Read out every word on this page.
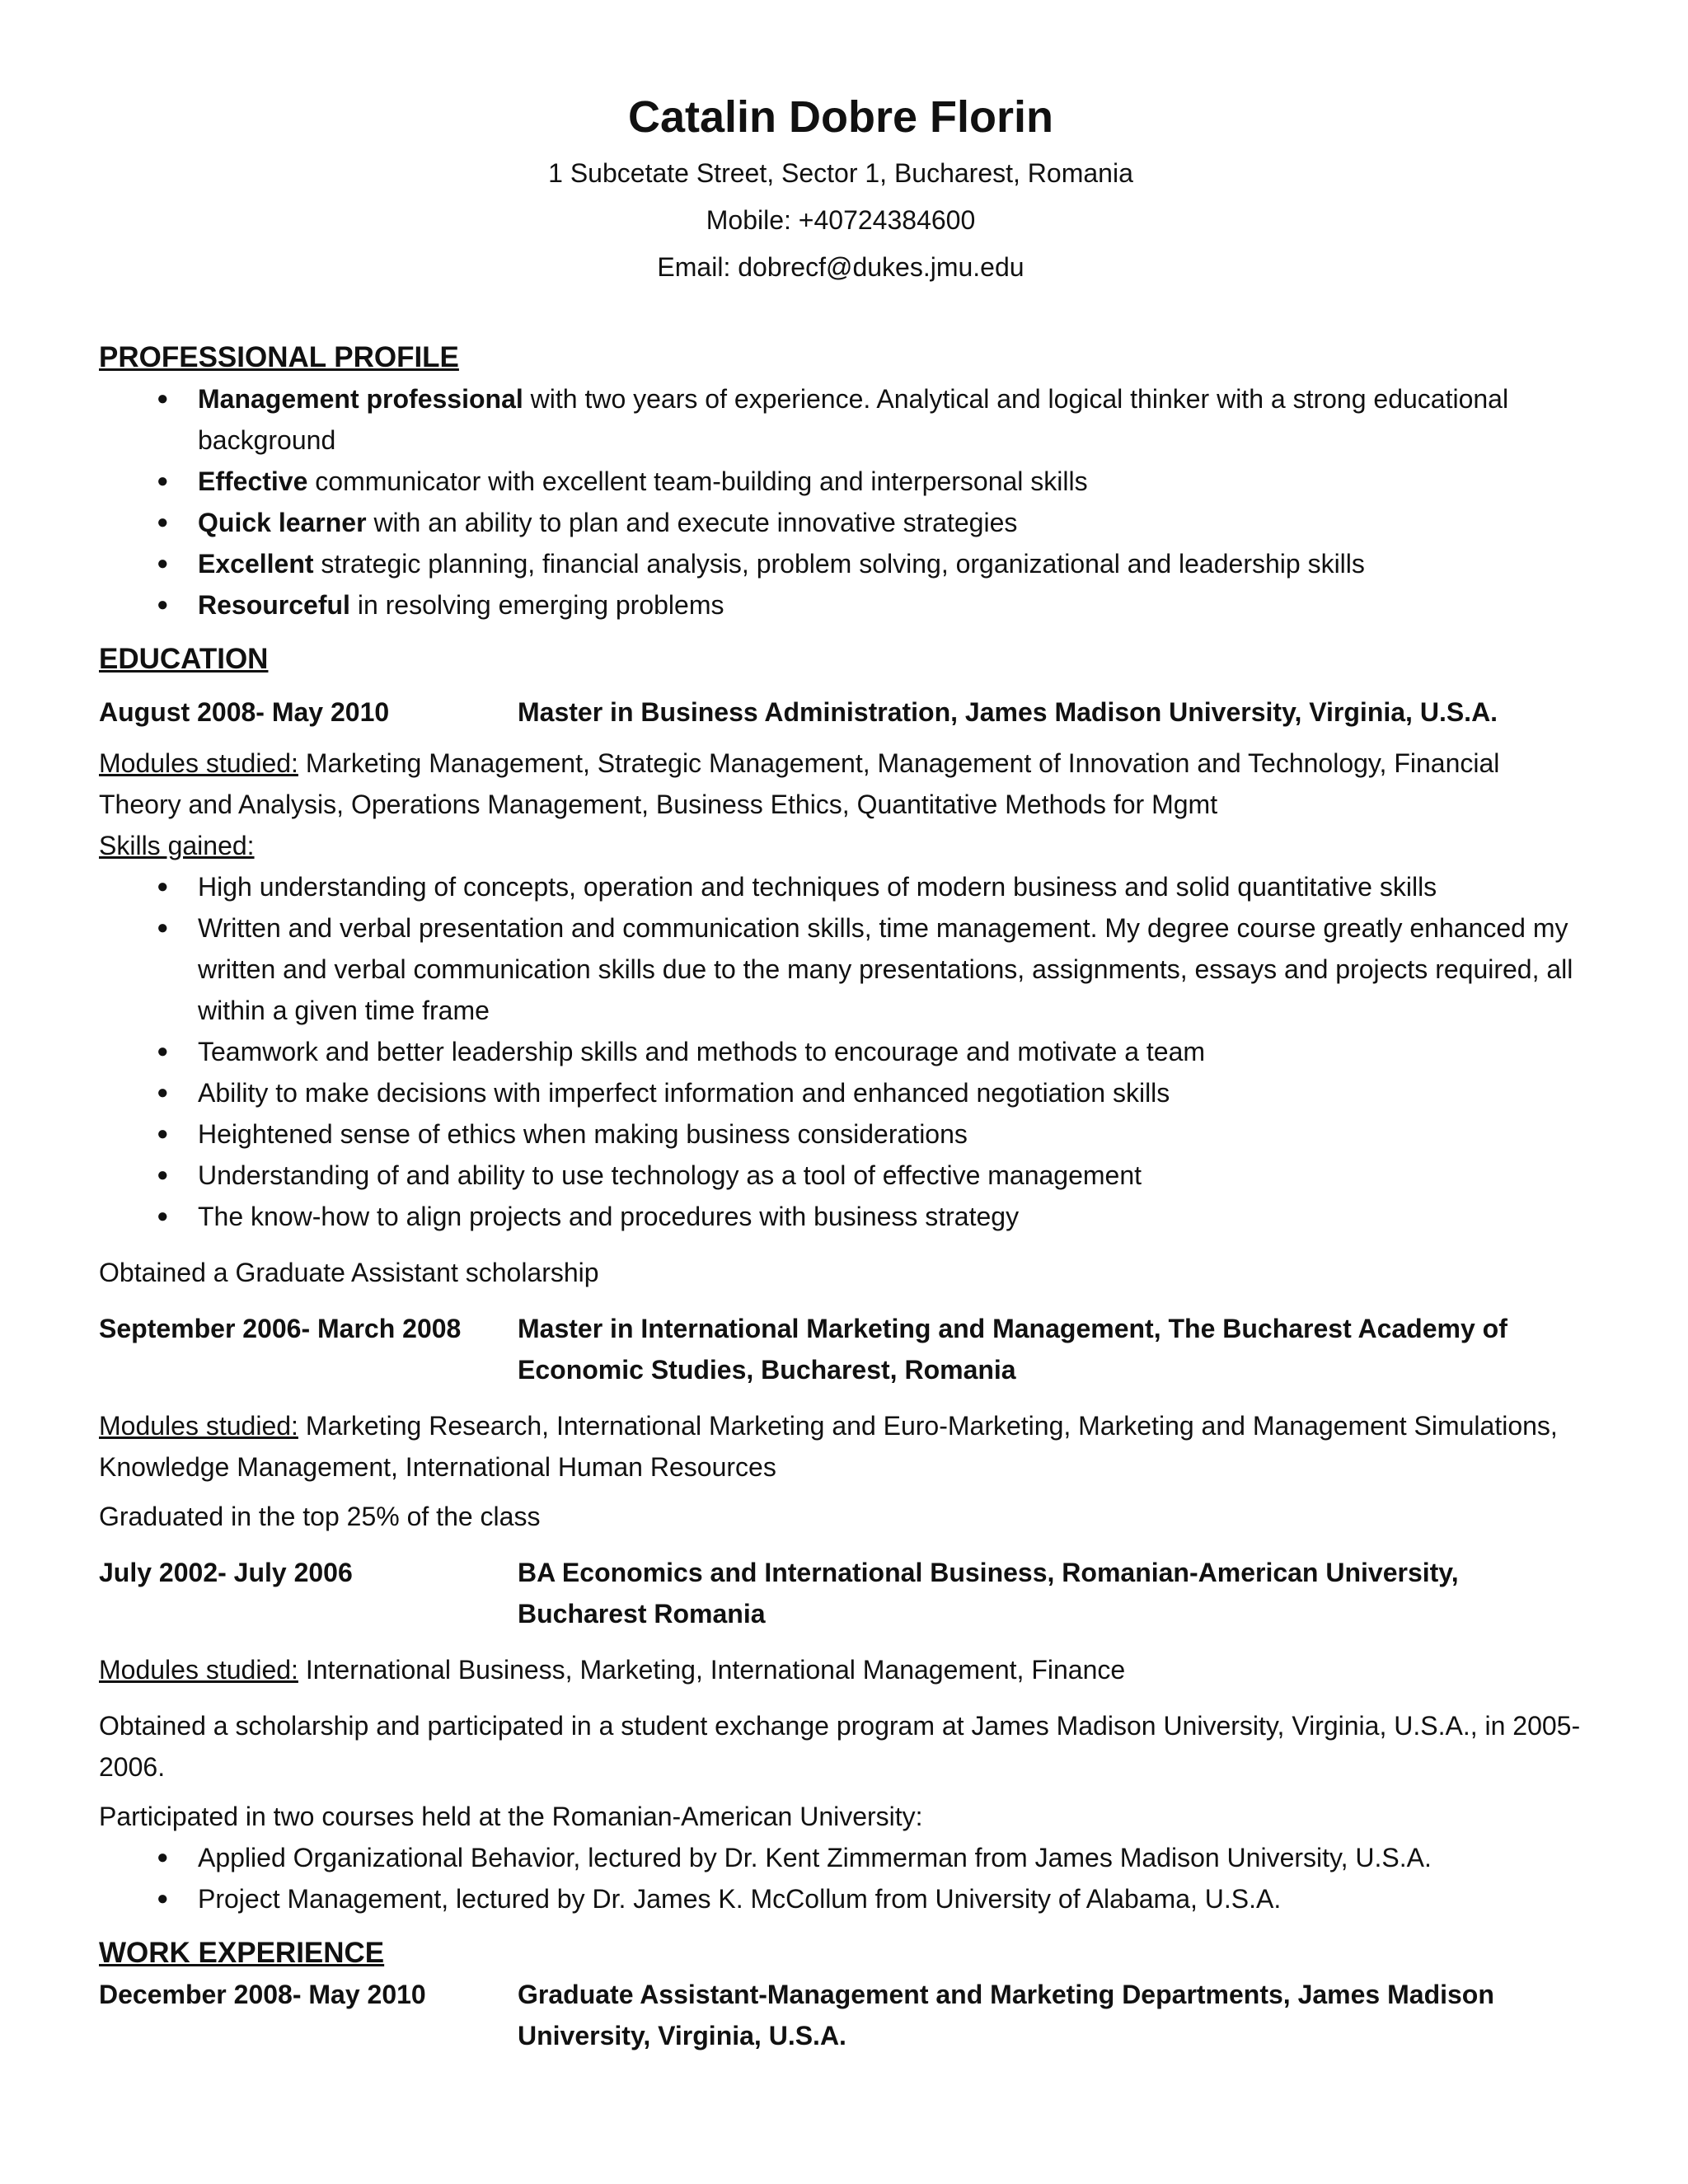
Catalin Dobre Florin
1 Subcetate Street, Sector 1, Bucharest, Romania
Mobile: +40724384600
Email: dobrecf@dukes.jmu.edu
PROFESSIONAL PROFILE
● Management professional with two years of experience. Analytical and logical thinker with a strong educational background
● Effective communicator with excellent team-building and interpersonal skills
● Quick learner with an ability to plan and execute innovative strategies
● Excellent strategic planning, financial analysis, problem solving, organizational and leadership skills
● Resourceful in resolving emerging problems
EDUCATION
August 2008- May 2010	Master in Business Administration, James Madison University, Virginia, U.S.A.
Modules studied: Marketing Management, Strategic Management, Management of Innovation and Technology, Financial Theory and Analysis, Operations Management, Business Ethics, Quantitative Methods for Mgmt
Skills gained:
● High understanding of concepts, operation and techniques of modern business and solid quantitative skills
● Written and verbal presentation and communication skills, time management. My degree course greatly enhanced my written and verbal communication skills due to the many presentations, assignments, essays and projects required, all within a given time frame
● Teamwork and better leadership skills and methods to encourage and motivate a team
● Ability to make decisions with imperfect information and enhanced negotiation skills
● Heightened sense of ethics when making business considerations
● Understanding of and ability to use technology as a tool of effective management
● The know-how to align projects and procedures with business strategy
Obtained a Graduate Assistant scholarship
September 2006- March 2008	Master in International Marketing and Management, The Bucharest Academy of Economic Studies, Bucharest, Romania
Modules studied: Marketing Research, International Marketing and Euro-Marketing, Marketing and Management Simulations, Knowledge Management, International Human Resources
Graduated in the top 25% of the class
July 2002- July 2006	BA Economics and International Business, Romanian-American University, Bucharest Romania
Modules studied: International Business, Marketing, International Management, Finance
Obtained a scholarship and participated in a student exchange program at James Madison University, Virginia, U.S.A., in 2005-2006.
Participated in two courses held at the Romanian-American University:
● Applied Organizational Behavior, lectured by Dr. Kent Zimmerman from James Madison University, U.S.A.
● Project Management, lectured by Dr. James K. McCollum from University of Alabama, U.S.A.
WORK EXPERIENCE
December 2008- May 2010	Graduate Assistant-Management and Marketing Departments, James Madison University, Virginia, U.S.A.
